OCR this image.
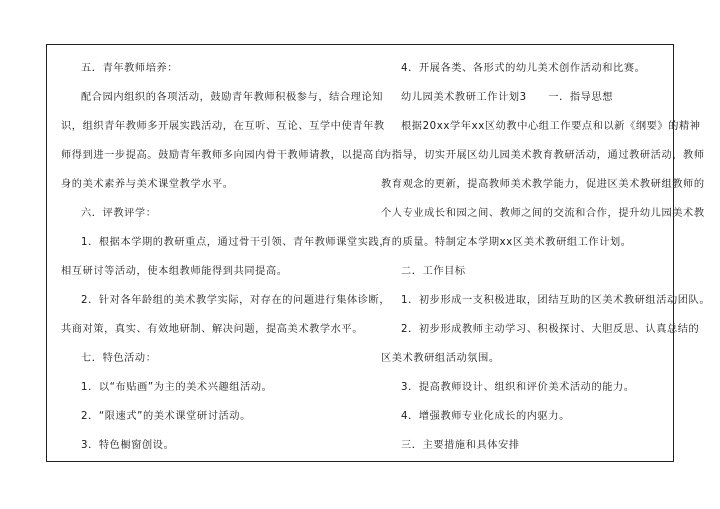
五．青年教师培养：

配合园内组织的各项活动，鼓励青年教师积极参与，结合理论知

识，组织青年教师多开展实践活动，在互听、互论、互学中使青年教

师得到进一步提高。鼓励青年教师多向园内骨干教师请教，以提高自

身的美术素养与美术课堂教学水平。

六．评教评学：

1．根据本学期的教研重点，通过骨干引领、青年教师课堂实践，

相互研讨等活动，使本组教师能得到共同提高。

2．针对各年龄组的美术教学实际，对存在的问题进行集体诊断，

共商对策，真实、有效地研制、解决问题，提高美术教学水平。

七．特色活动：

1．以“布贴画”为主的美术兴趣组活动。

2．“限速式”的美术课堂研讨活动。

3．特色橱窗创设。

4．开展各类、各形式的幼儿美术创作活动和比赛。

幼儿园美术教研工作计划3　　一．指导思想

根据20xx学年xx区幼教中心组工作要点和以新《纲要》的精神

为指导，切实开展区幼儿园美术教育教研活动，通过教研活动，教师

教育观念的更新，提高教师美术教学能力，促进区美术教研组教师的

个人专业成长和园之间、教师之间的交流和合作，提升幼儿园美术教

育的质量。特制定本学期xx区美术教研组工作计划。

二．工作目标

1．初步形成一支积极进取，团结互助的区美术教研组活动团队。

2．初步形成教师主动学习、积极探讨、大胆反思、认真总结的

区美术教研组活动氛围。

3．提高教师设计、组织和评价美术活动的能力。

4．增强教师专业化成长的内驱力。

三．主要措施和具体安排
